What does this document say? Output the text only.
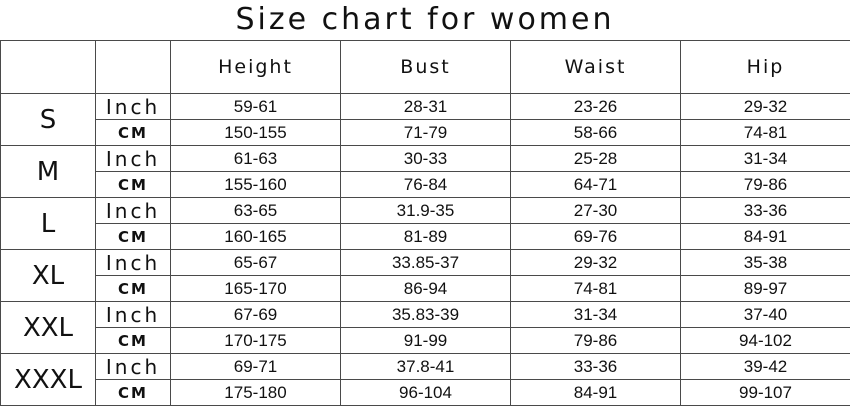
Size chart for women
		Height	Bust	Waist	Hip
S	Inch	59-61	28-31	23-26	29-32
	CM	150-155	71-79	58-66	74-81
M	Inch	61-63	30-33	25-28	31-34
	CM	155-160	76-84	64-71	79-86
L	Inch	63-65	31.9-35	27-30	33-36
	CM	160-165	81-89	69-76	84-91
XL	Inch	65-67	33.85-37	29-32	35-38
	CM	165-170	86-94	74-81	89-97
XXL	Inch	67-69	35.83-39	31-34	37-40
	CM	170-175	91-99	79-86	94-102
XXXL	Inch	69-71	37.8-41	33-36	39-42
	CM	175-180	96-104	84-91	99-107
